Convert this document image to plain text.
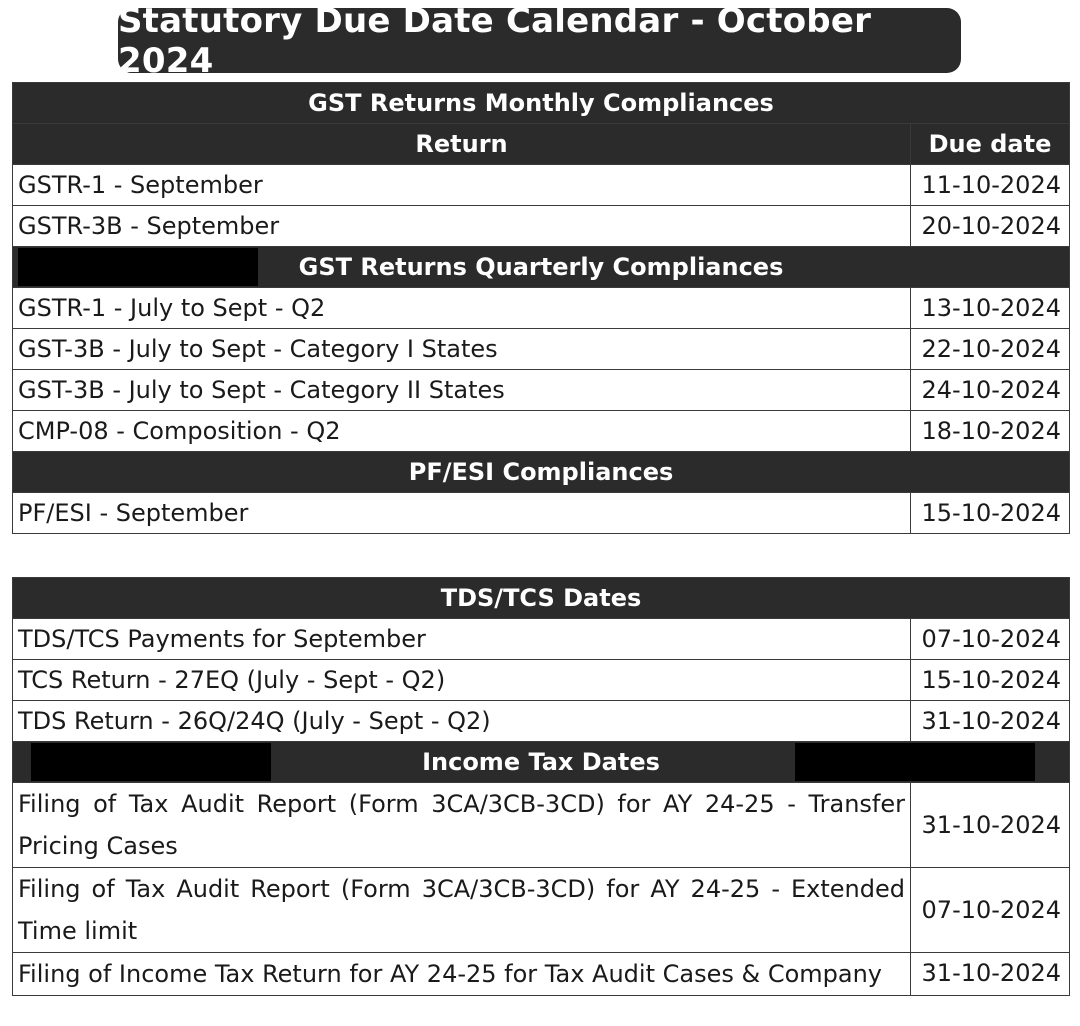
Statutory Due Date Calendar - October 2024
GST Returns Monthly Compliances	
Return	Due date
GSTR-1 - September	11-10-2024
GSTR-3B - September	20-10-2024

GST Returns Quarterly Compliances	
GSTR-1 - July to Sept - Q2	13-10-2024
GST-3B - July to Sept - Category I States	22-10-2024
GST-3B - July to Sept - Category II States	24-10-2024
CMP-08 - Composition - Q2	18-10-2024
PF/ESI Compliances	
PF/ESI - September	15-10-2024
TDS/TCS Dates	
TDS/TCS Payments for September	07-10-2024
TCS Return - 27EQ (July - Sept - Q2)	15-10-2024
TDS Return - 26Q/24Q (July - Sept - Q2)	31-10-2024

Income Tax Dates	

Filing of Tax Audit Report (Form 3CA/3CB-3CD) for AY 24-25 - Transfer Pricing Cases	31-10-2024
Filing of Tax Audit Report (Form 3CA/3CB-3CD) for AY 24-25 - Extended Time limit	07-10-2024
Filing of Income Tax Return for AY 24-25 for Tax Audit Cases & Company	31-10-2024
